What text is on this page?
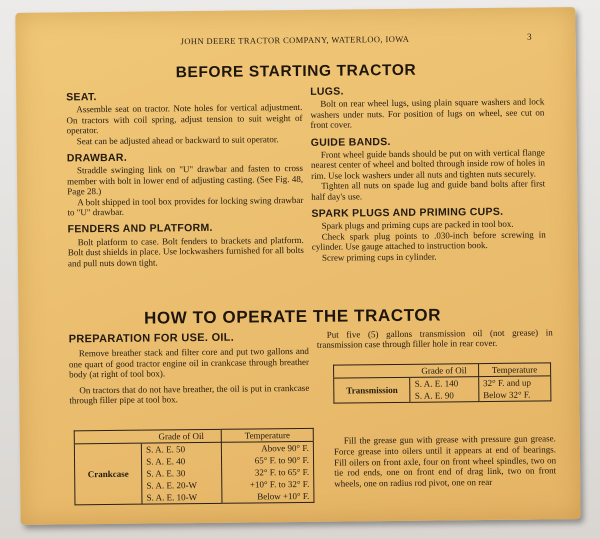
JOHN DEERE TRACTOR COMPANY, WATERLOO, IOWA	3
BEFORE STARTING TRACTOR
SEAT.

Assemble seat on tractor. Note holes for vertical adjustment. On tractors with coil spring, adjust tension to suit weight of operator.

Seat can be adjusted ahead or backward to suit operator.

DRAWBAR.

Straddle swinging link on "U" drawbar and fasten to cross member with bolt in lower end of adjusting casting. (See Fig. 48, Page 28.)

A bolt shipped in tool box provides for locking swing drawbar to "U" drawbar.

FENDERS AND PLATFORM.

Bolt platform to case. Bolt fenders to brackets and platform. Bolt dust shields in place. Use lockwashers furnished for all bolts and pull nuts down tight.

LUGS.

Bolt on rear wheel lugs, using plain square washers and lock washers under nuts. For position of lugs on wheel, see cut on front cover.

GUIDE BANDS.

Front wheel guide bands should be put on with vertical flange nearest center of wheel and bolted through inside row of holes in rim. Use lock washers under all nuts and tighten nuts securely.

Tighten all nuts on spade lug and guide band bolts after first half day's use.

SPARK PLUGS AND PRIMING CUPS.

Spark plugs and priming cups are packed in tool box.

Check spark plug points to .030-inch before screwing in cylinder. Use gauge attached to instruction book.

Screw priming cups in cylinder.

HOW TO OPERATE THE TRACTOR
PREPARATION FOR USE. OIL.

Remove breather stack and filter core and put two gallons and one quart of good tractor engine oil in crankcase through breather body (at right of tool box).

On tractors that do not have breather, the oil is put in crankcase through filler pipe at tool box.

	Grade of Oil	Temperature
Crankcase	S. A. E. 50	Above 90° F.
	S. A. E. 40	65° F. to 90° F.
	S. A. E. 30	32° F. to 65° F.
	S. A. E. 20-W	+10° F. to 32° F.
	S. A. E. 10-W	Below +10° F.

Put five (5) gallons transmission oil (not grease) in transmission case through filler hole in rear cover.

	Grade of Oil	Temperature
Transmission	S. A. E. 140	32° F. and up
	S. A. E. 90	Below 32° F.

Fill the grease gun with grease with pressure gun grease. Force grease into oilers until it appears at end of bearings. Fill oilers on front axle, four on front wheel spindles, two on tie rod ends, one on front end of drag link, two on front wheels, one on radius rod pivot, one on rear
